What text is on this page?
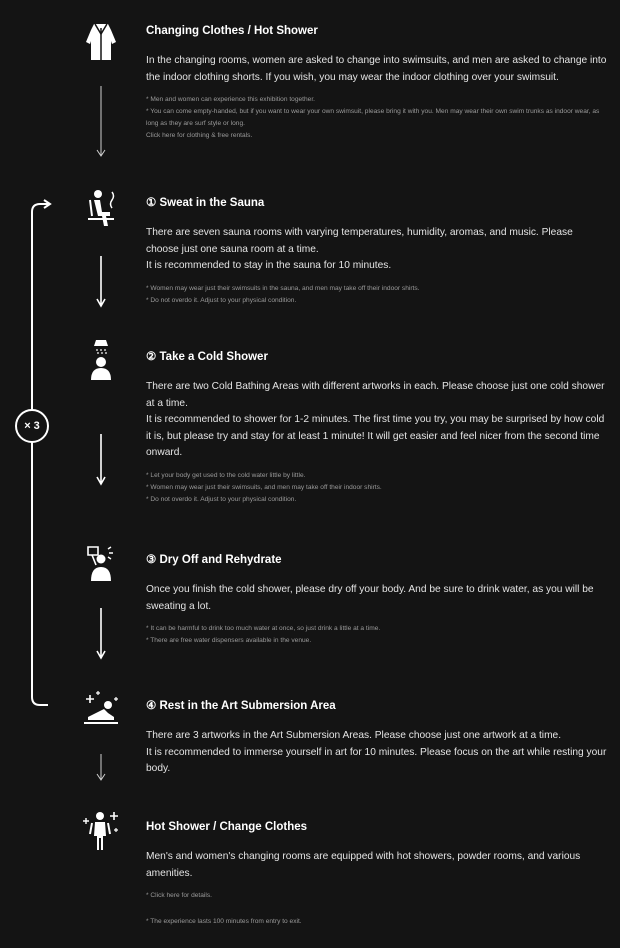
× 3
Changing Clothes / Hot Shower

In the changing rooms, women are asked to change into swimsuits, and men are asked to change into the indoor clothing shorts. If you wish, you may wear the indoor clothing over your swimsuit.

* Men and women can experience this exhibition together.

* You can come empty-handed, but if you want to wear your own swimsuit, please bring it with you. Men may wear their own swim trunks as indoor wear, as long as they are surf style or long.

Click here for clothing & free rentals.

① Sweat in the Sauna

There are seven sauna rooms with varying temperatures, humidity, aromas, and music. Please choose just one sauna room at a time.

It is recommended to stay in the sauna for 10 minutes.

* Women may wear just their swimsuits in the sauna, and men may take off their indoor shirts.

* Do not overdo it. Adjust to your physical condition.

② Take a Cold Shower

There are two Cold Bathing Areas with different artworks in each. Please choose just one cold shower at a time.

It is recommended to shower for 1-2 minutes. The first time you try, you may be surprised by how cold it is, but please try and stay for at least 1 minute! It will get easier and feel nicer from the second time onward.

* Let your body get used to the cold water little by little.

* Women may wear just their swimsuits, and men may take off their indoor shirts.

* Do not overdo it. Adjust to your physical condition.

③ Dry Off and Rehydrate

Once you finish the cold shower, please dry off your body. And be sure to drink water, as you will be sweating a lot.

* It can be harmful to drink too much water at once, so just drink a little at a time.

* There are free water dispensers available in the venue.

④ Rest in the Art Submersion Area

There are 3 artworks in the Art Submersion Areas. Please choose just one artwork at a time.

It is recommended to immerse yourself in art for 10 minutes. Please focus on the art while resting your body.

Hot Shower / Change Clothes

Men's and women's changing rooms are equipped with hot showers, powder rooms, and various amenities.

* Click here for details.

* The experience lasts 100 minutes from entry to exit.
